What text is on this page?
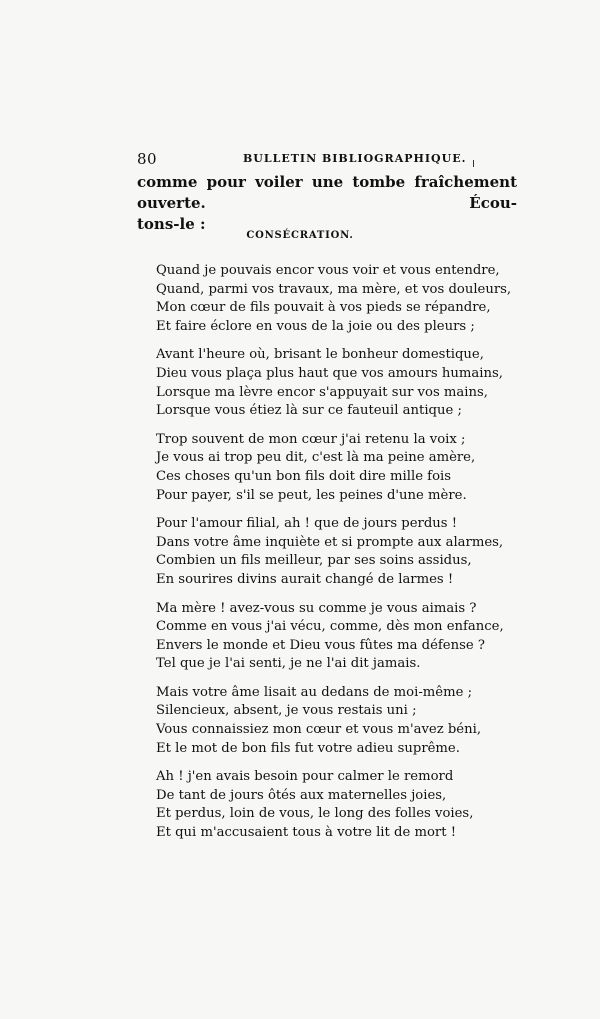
80	BULLETIN BIBLIOGRAPHIQUE.
comme pour voiler une tombe fraîchement ouverte. Écou-
tons-le :
CONSÉCRATION.
Quand je pouvais encor vous voir et vous entendre,
Quand, parmi vos travaux, ma mère, et vos douleurs,
Mon cœur de fils pouvait à vos pieds se répandre,
Et faire éclore en vous de la joie ou des pleurs ;
Avant l'heure où, brisant le bonheur domestique,
Dieu vous plaça plus haut que vos amours humains,
Lorsque ma lèvre encor s'appuyait sur vos mains,
Lorsque vous étiez là sur ce fauteuil antique ;
Trop souvent de mon cœur j'ai retenu la voix ;
Je vous ai trop peu dit, c'est là ma peine amère,
Ces choses qu'un bon fils doit dire mille fois
Pour payer, s'il se peut, les peines d'une mère.
Pour l'amour filial, ah ! que de jours perdus !
Dans votre âme inquiète et si prompte aux alarmes,
Combien un fils meilleur, par ses soins assidus,
En sourires divins aurait changé de larmes !
Ma mère ! avez-vous su comme je vous aimais ?
Comme en vous j'ai vécu, comme, dès mon enfance,
Envers le monde et Dieu vous fûtes ma défense ?
Tel que je l'ai senti, je ne l'ai dit jamais.
Mais votre âme lisait au dedans de moi-même ;
Silencieux, absent, je vous restais uni ;
Vous connaissiez mon cœur et vous m'avez béni,
Et le mot de bon fils fut votre adieu suprême.
Ah ! j'en avais besoin pour calmer le remord
De tant de jours ôtés aux maternelles joies,
Et perdus, loin de vous, le long des folles voies,
Et qui m'accusaient tous à votre lit de mort !
